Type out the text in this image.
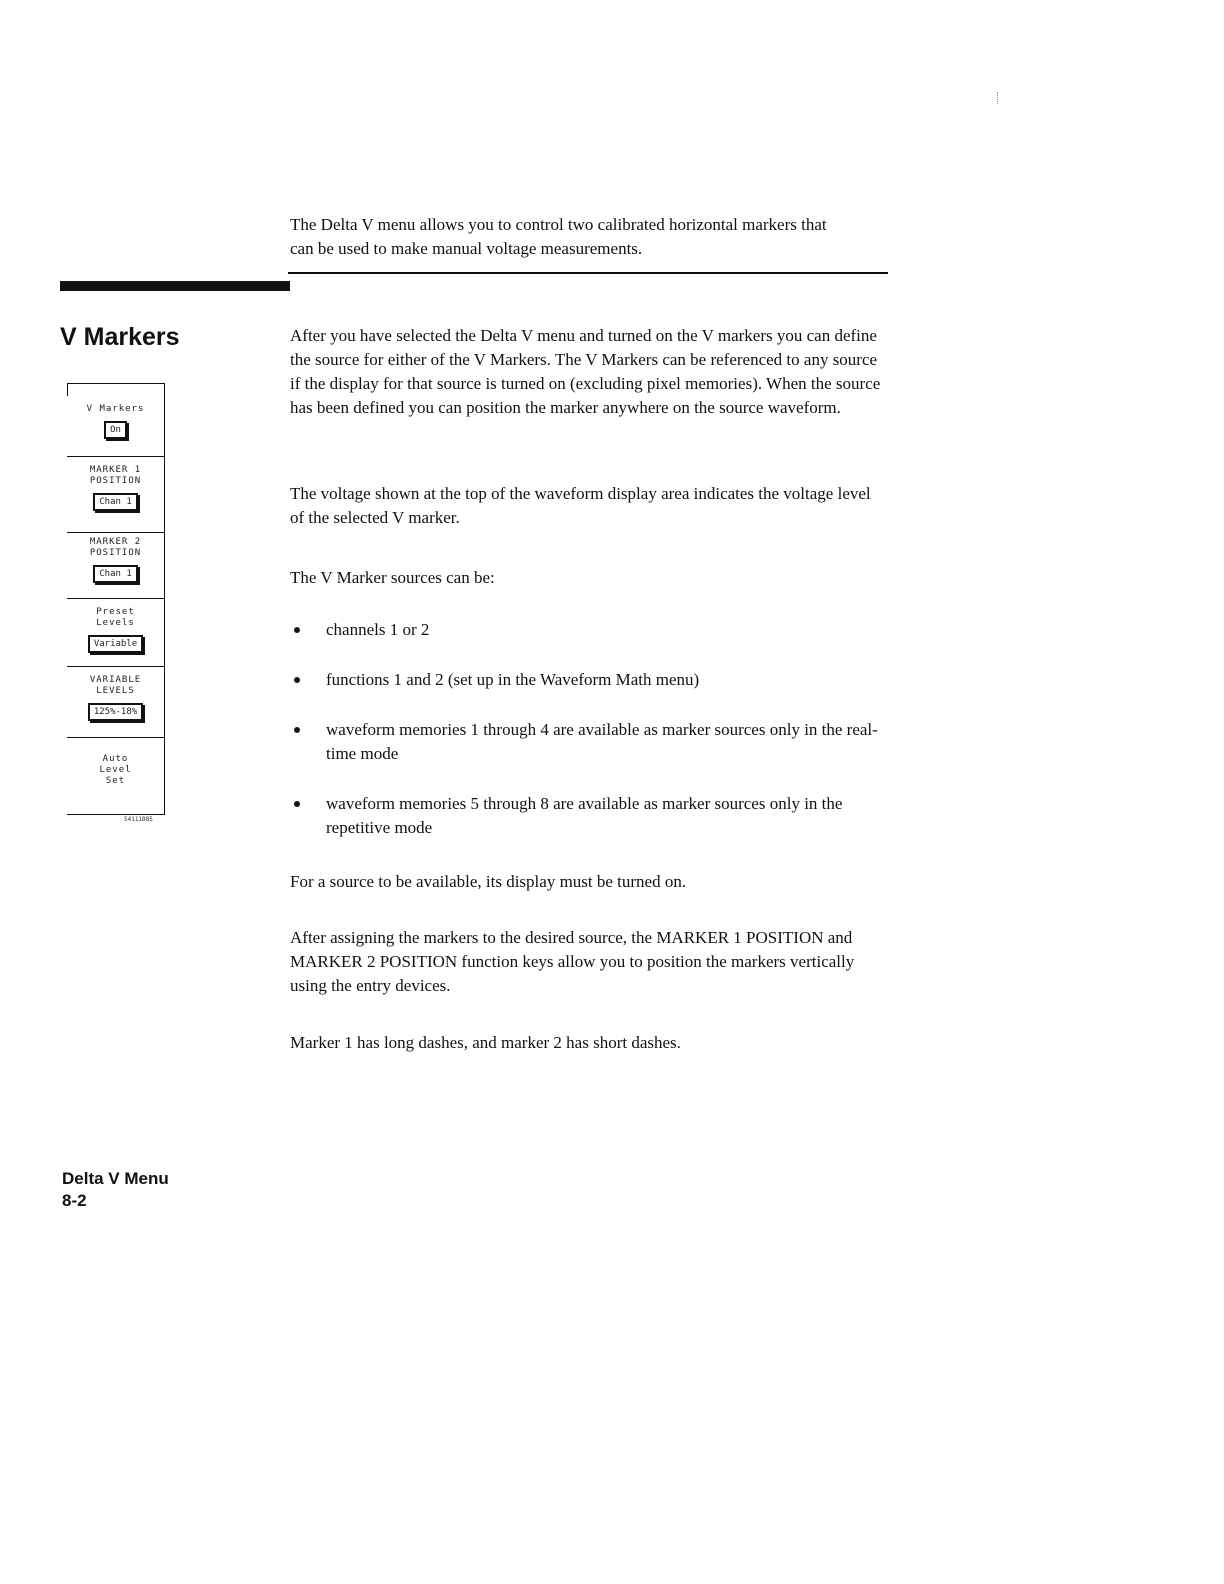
The Delta V menu allows you to control two calibrated horizontal markers that can be used to make manual voltage measurements.

V Markers
V Markers
On
MARKER 1
POSITION
Chan 1
MARKER 2
POSITION
Chan 1
Preset
Levels
Variable
VARIABLE
LEVELS
125%-18%
Auto
Level
Set
54111B85

After you have selected the Delta V menu and turned on the V markers you can define the source for either of the V Markers. The V Markers can be referenced to any source if the display for that source is turned on (excluding pixel memories). When the source has been defined you can position the marker anywhere on the source waveform.

The voltage shown at the top of the waveform display area indicates the voltage level of the selected V marker.

The V Marker sources can be:

channels 1 or 2
functions 1 and 2 (set up in the Waveform Math menu)
waveform memories 1 through 4 are available as marker sources only in the real-time mode
waveform memories 5 through 8 are available as marker sources only in the repetitive mode

For a source to be available, its display must be turned on.

After assigning the markers to the desired source, the MARKER 1 POSITION and MARKER 2 POSITION function keys allow you to position the markers vertically using the entry devices.

Marker 1 has long dashes, and marker 2 has short dashes.

Delta V Menu
8-2
